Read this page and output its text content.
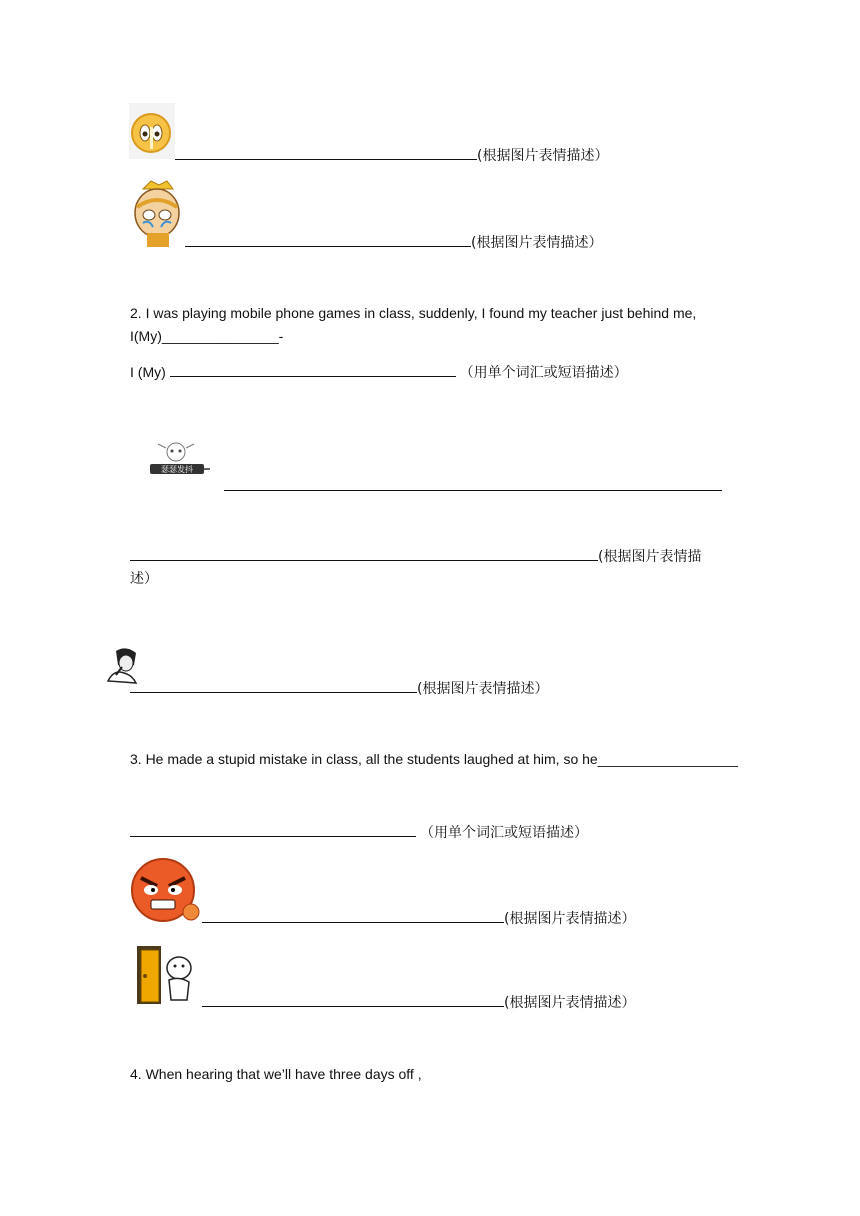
(根据图片表情描述）
(根据图片表情描述）
2. I was playing mobile phone games in class, suddenly, I found my teacher just behind me,
I(My)_______________-
I (My)	（用单个词汇或短语描述）
瑟瑟发抖
(根据图片表情描
述）
(根据图片表情描述）
3. He made a stupid mistake in class, all the students laughed at him, so he__________________
（用单个词汇或短语描述）
(根据图片表情描述）
(根据图片表情描述）
4. When hearing that we’ll have three days off ,
